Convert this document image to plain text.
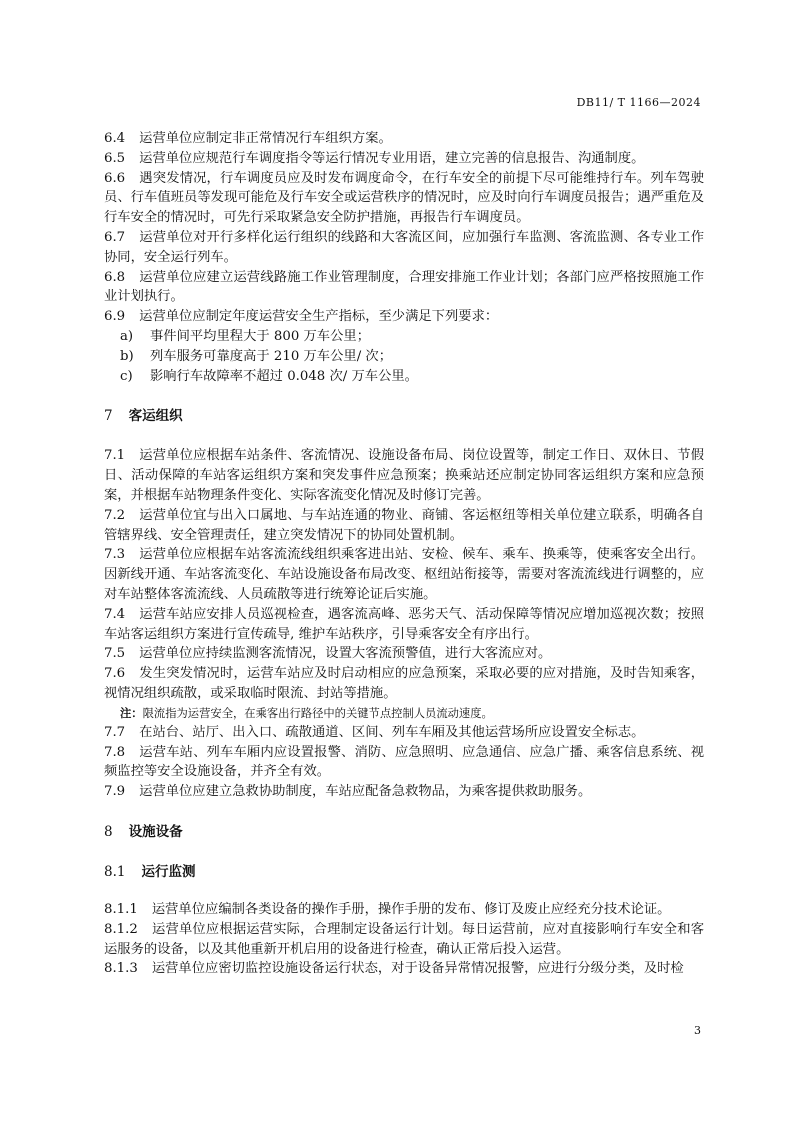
DB11/ T 1166—2024

6.4 运营单位应制定非正常情况行车组织方案。

6.5 运营单位应规范行车调度指令等运行情况专业用语，建立完善的信息报告、沟通制度。

6.6 遇突发情况，行车调度员应及时发布调度命令，在行车安全的前提下尽可能维持行车。列车驾驶员、行车值班员等发现可能危及行车安全或运营秩序的情况时，应及时向行车调度员报告；遇严重危及行车安全的情况时，可先行采取紧急安全防护措施，再报告行车调度员。

6.7 运营单位对开行多样化运行组织的线路和大客流区间，应加强行车监测、客流监测、各专业工作协同，安全运行列车。

6.8 运营单位应建立运营线路施工作业管理制度，合理安排施工作业计划；各部门应严格按照施工作业计划执行。

6.9 运营单位应制定年度运营安全生产指标，至少满足下列要求：

a) 事件间平均里程大于 800 万车公里；

b) 列车服务可靠度高于 210 万车公里/ 次；

c) 影响行车故障率不超过 0.048 次/ 万车公里。

7 客运组织

7.1 运营单位应根据车站条件、客流情况、设施设备布局、岗位设置等，制定工作日、双休日、节假日、活动保障的车站客运组织方案和突发事件应急预案；换乘站还应制定协同客运组织方案和应急预案，并根据车站物理条件变化、实际客流变化情况及时修订完善。

7.2 运营单位宜与出入口属地、与车站连通的物业、商铺、客运枢纽等相关单位建立联系，明确各自管辖界线、安全管理责任，建立突发情况下的协同处置机制。

7.3 运营单位应根据车站客流流线组织乘客进出站、安检、候车、乘车、换乘等，使乘客安全出行。因新线开通、车站客流变化、车站设施设备布局改变、枢纽站衔接等，需要对客流流线进行调整的，应对车站整体客流流线、人员疏散等进行统筹论证后实施。

7.4 运营车站应安排人员巡视检查，遇客流高峰、恶劣天气、活动保障等情况应增加巡视次数；按照车站客运组织方案进行宣传疏导, 维护车站秩序，引导乘客安全有序出行。

7.5 运营单位应持续监测客流情况，设置大客流预警值，进行大客流应对。

7.6 发生突发情况时，运营车站应及时启动相应的应急预案，采取必要的应对措施，及时告知乘客，视情况组织疏散，或采取临时限流、封站等措施。

注：限流指为运营安全，在乘客出行路径中的关键节点控制人员流动速度。

7.7 在站台、站厅、出入口、疏散通道、区间、列车车厢及其他运营场所应设置安全标志。

7.8 运营车站、列车车厢内应设置报警、消防、应急照明、应急通信、应急广播、乘客信息系统、视频监控等安全设施设备，并齐全有效。

7.9 运营单位应建立急救协助制度，车站应配备急救物品，为乘客提供救助服务。

8 设施设备
8.1 运行监测

8.1.1 运营单位应编制各类设备的操作手册，操作手册的发布、修订及废止应经充分技术论证。

8.1.2 运营单位应根据运营实际，合理制定设备运行计划。每日运营前，应对直接影响行车安全和客运服务的设备，以及其他重新开机启用的设备进行检查，确认正常后投入运营。

8.1.3 运营单位应密切监控设施设备运行状态，对于设备异常情况报警，应进行分级分类，及时检

3
